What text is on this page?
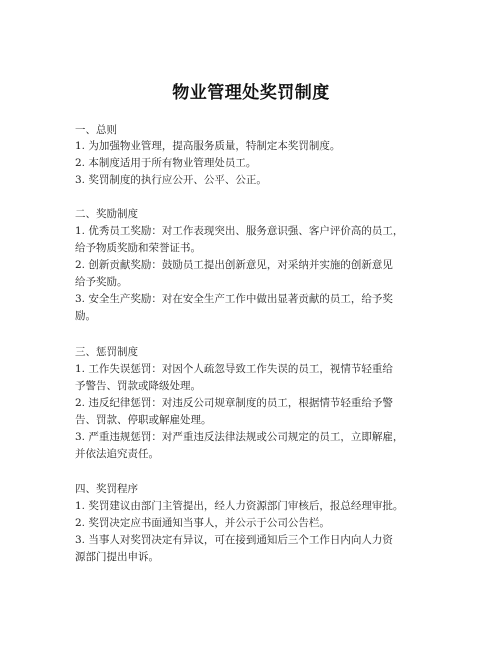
物业管理处奖罚制度
一、总则
1. 为加强物业管理，提高服务质量，特制定本奖罚制度。
2. 本制度适用于所有物业管理处员工。
3. 奖罚制度的执行应公开、公平、公正。
二、奖励制度
1. 优秀员工奖励：对工作表现突出、服务意识强、客户评价高的员工，
给予物质奖励和荣誉证书。
2. 创新贡献奖励：鼓励员工提出创新意见，对采纳并实施的创新意见
给予奖励。
3. 安全生产奖励：对在安全生产工作中做出显著贡献的员工，给予奖
励。
三、惩罚制度
1. 工作失误惩罚：对因个人疏忽导致工作失误的员工，视情节轻重给
予警告、罚款或降级处理。
2. 违反纪律惩罚：对违反公司规章制度的员工，根据情节轻重给予警
告、罚款、停职或解雇处理。
3. 严重违规惩罚：对严重违反法律法规或公司规定的员工，立即解雇，
并依法追究责任。
四、奖罚程序
1. 奖罚建议由部门主管提出，经人力资源部门审核后，报总经理审批。
2. 奖罚决定应书面通知当事人，并公示于公司公告栏。
3. 当事人对奖罚决定有异议，可在接到通知后三个工作日内向人力资
源部门提出申诉。
